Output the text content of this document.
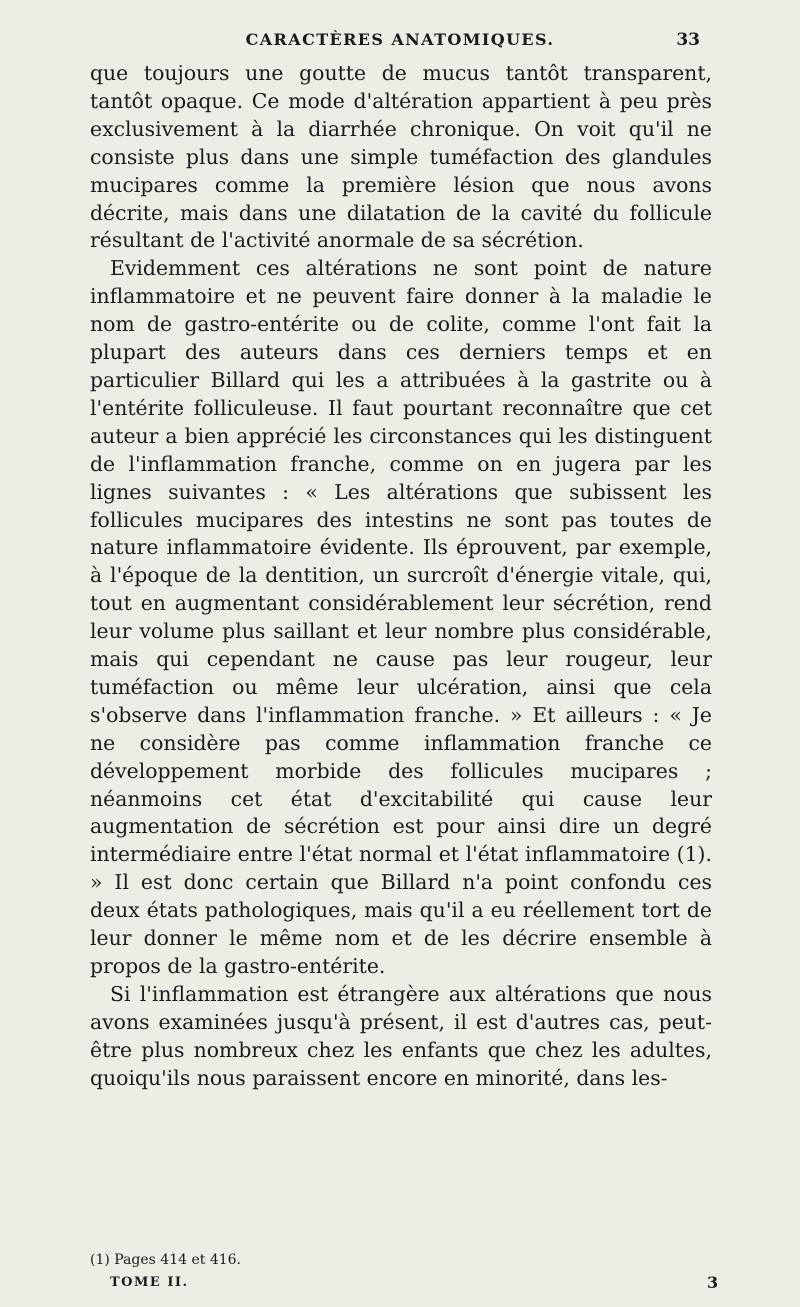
CARACTÈRES ANATOMIQUES.	33

que toujours une goutte de mucus tantôt transparent, tantôt opaque. Ce mode d'altération appartient à peu près exclusivement à la diarrhée chronique. On voit qu'il ne consiste plus dans une simple tuméfaction des glandules mucipares comme la première lésion que nous avons décrite, mais dans une dilatation de la cavité du follicule résultant de l'activité anormale de sa sécrétion.

Evidemment ces altérations ne sont point de nature inflammatoire et ne peuvent faire donner à la maladie le nom de gastro-entérite ou de colite, comme l'ont fait la plupart des auteurs dans ces derniers temps et en particulier Billard qui les a attribuées à la gastrite ou à l'entérite folliculeuse. Il faut pourtant reconnaître que cet auteur a bien apprécié les circonstances qui les distinguent de l'inflammation franche, comme on en jugera par les lignes suivantes : « Les altérations que subissent les follicules mucipares des intestins ne sont pas toutes de nature inflammatoire évidente. Ils éprouvent, par exemple, à l'époque de la dentition, un surcroît d'énergie vitale, qui, tout en augmentant considérablement leur sécrétion, rend leur volume plus saillant et leur nombre plus considérable, mais qui cependant ne cause pas leur rougeur, leur tuméfaction ou même leur ulcération, ainsi que cela s'observe dans l'inflammation franche. » Et ailleurs : « Je ne considère pas comme inflammation franche ce développement morbide des follicules mucipares ; néanmoins cet état d'excitabilité qui cause leur augmentation de sécrétion est pour ainsi dire un degré intermédiaire entre l'état normal et l'état inflammatoire (1). » Il est donc certain que Billard n'a point confondu ces deux états pathologiques, mais qu'il a eu réellement tort de leur donner le même nom et de les décrire ensemble à propos de la gastro-entérite.

Si l'inflammation est étrangère aux altérations que nous avons examinées jusqu'à présent, il est d'autres cas, peut-être plus nombreux chez les enfants que chez les adultes, quoiqu'ils nous paraissent encore en minorité, dans les-

(1) Pages 414 et 416.
TOME II.	3
